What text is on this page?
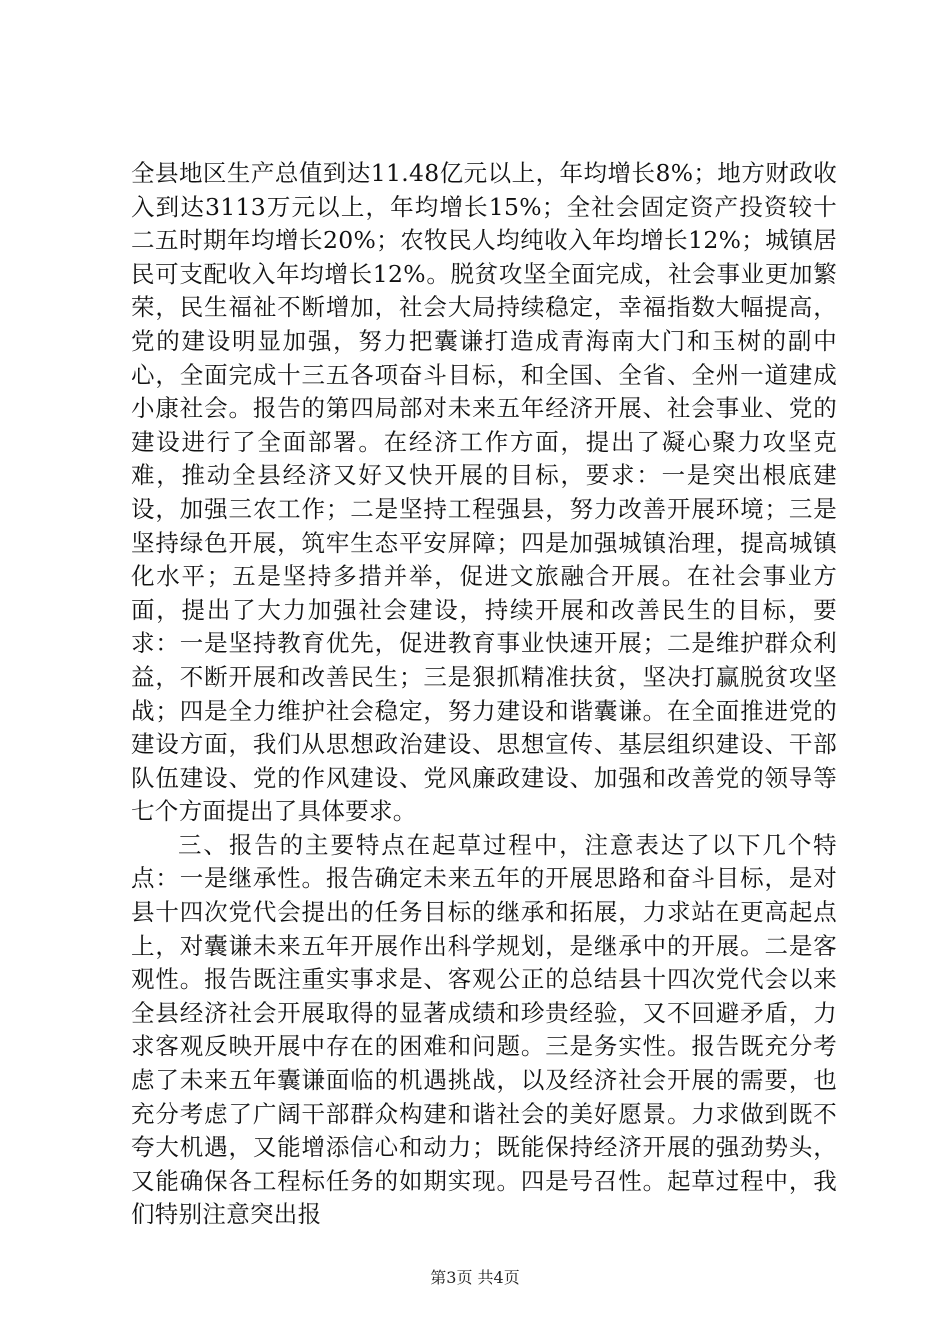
全县地区生产总值到达11.48亿元以上，年均增长8%；地方财政收入到达3113万元以上，年均增长15%；全社会固定资产投资较十二五时期年均增长20%；农牧民人均纯收入年均增长12%；城镇居民可支配收入年均增长12%。脱贫攻坚全面完成，社会事业更加繁荣，民生福祉不断增加，社会大局持续稳定，幸福指数大幅提高，党的建设明显加强，努力把囊谦打造成青海南大门和玉树的副中心，全面完成十三五各项奋斗目标，和全国、全省、全州一道建成小康社会。报告的第四局部对未来五年经济开展、社会事业、党的建设进行了全面部署。在经济工作方面，提出了凝心聚力攻坚克难，推动全县经济又好又快开展的目标，要求：一是突出根底建设，加强三农工作；二是坚持工程强县，努力改善开展环境；三是坚持绿色开展，筑牢生态平安屏障；四是加强城镇治理，提高城镇化水平；五是坚持多措并举，促进文旅融合开展。在社会事业方面，提出了大力加强社会建设，持续开展和改善民生的目标，要求：一是坚持教育优先，促进教育事业快速开展；二是维护群众利益，不断开展和改善民生；三是狠抓精准扶贫，坚决打赢脱贫攻坚战；四是全力维护社会稳定，努力建设和谐囊谦。在全面推进党的建设方面，我们从思想政治建设、思想宣传、基层组织建设、干部队伍建设、党的作风建设、党风廉政建设、加强和改善党的领导等七个方面提出了具体要求。

三、报告的主要特点在起草过程中，注意表达了以下几个特点：一是继承性。报告确定未来五年的开展思路和奋斗目标，是对县十四次党代会提出的任务目标的继承和拓展，力求站在更高起点上，对囊谦未来五年开展作出科学规划，是继承中的开展。二是客观性。报告既注重实事求是、客观公正的总结县十四次党代会以来全县经济社会开展取得的显著成绩和珍贵经验，又不回避矛盾，力求客观反映开展中存在的困难和问题。三是务实性。报告既充分考虑了未来五年囊谦面临的机遇挑战，以及经济社会开展的需要，也充分考虑了广阔干部群众构建和谐社会的美好愿景。力求做到既不夸大机遇，又能增添信心和动力；既能保持经济开展的强劲势头，又能确保各工程标任务的如期实现。四是号召性。起草过程中，我们特别注意突出报

第3页 共4页
